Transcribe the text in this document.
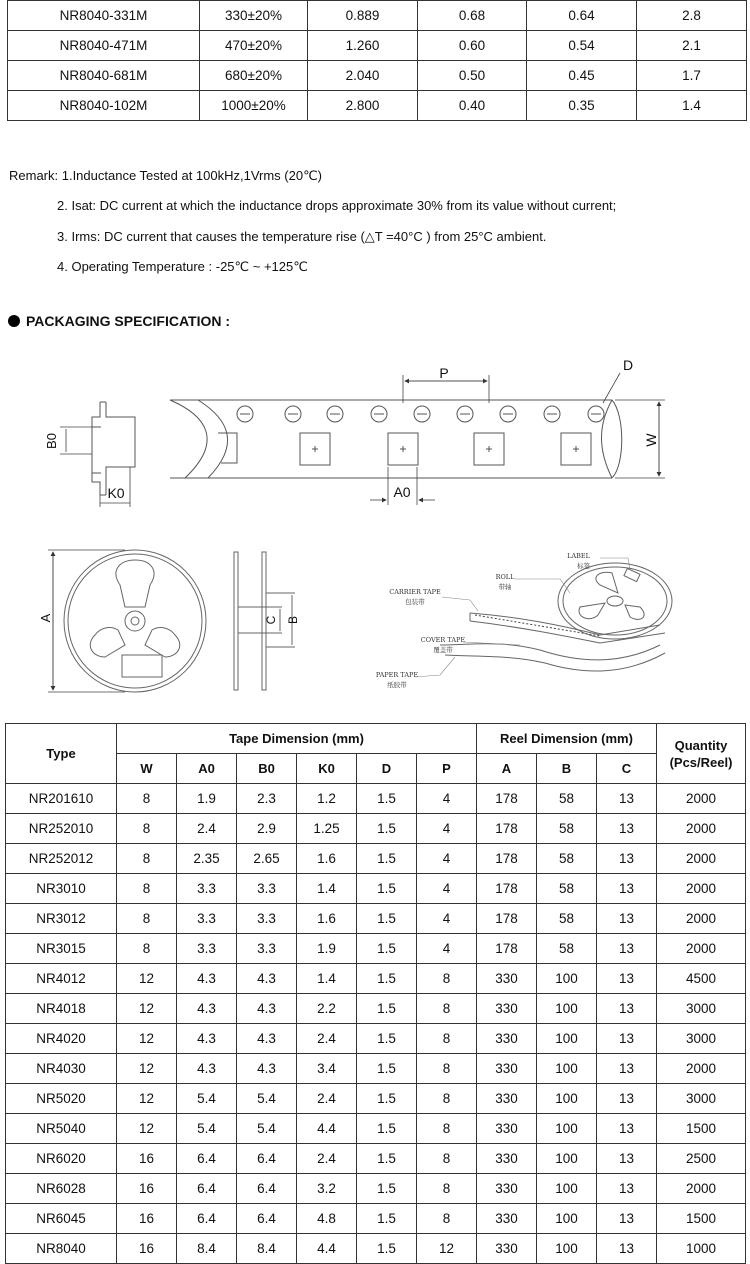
NR8040-331M	330±20%	0.889	0.68	0.64	2.8
NR8040-471M	470±20%	1.260	0.60	0.54	2.1
NR8040-681M	680±20%	2.040	0.50	0.45	1.7
NR8040-102M	1000±20%	2.800	0.40	0.35	1.4
Remark: 1.Inductance Tested at 100kHz,1Vrms (20℃)
2. Isat: DC current at which the inductance drops approximate 30% from its value without current;
3. Irms: DC current that causes the temperature rise (△T =40°C ) from 25°C ambient.
4. Operating Temperature : -25℃ ~ +125℃
PACKAGING SPECIFICATION :
P	D
W
A0
B0
K0
A	C B
LABEL
标签
ROLL
带轴
CARRIER TAPE
包装带
COVER TAPE
覆盖带
PAPER TAPE
纸胶带
Type	Tape Dimension (mm)						Reel Dimension (mm)			Quantity (Pcs/Reel)
	W	A0	B0	K0	D	P	A	B	C	
NR201610	8	1.9	2.3	1.2	1.5	4	178	58	13	2000
NR252010	8	2.4	2.9	1.25	1.5	4	178	58	13	2000
NR252012	8	2.35	2.65	1.6	1.5	4	178	58	13	2000
NR3010	8	3.3	3.3	1.4	1.5	4	178	58	13	2000
NR3012	8	3.3	3.3	1.6	1.5	4	178	58	13	2000
NR3015	8	3.3	3.3	1.9	1.5	4	178	58	13	2000
NR4012	12	4.3	4.3	1.4	1.5	8	330	100	13	4500
NR4018	12	4.3	4.3	2.2	1.5	8	330	100	13	3000
NR4020	12	4.3	4.3	2.4	1.5	8	330	100	13	3000
NR4030	12	4.3	4.3	3.4	1.5	8	330	100	13	2000
NR5020	12	5.4	5.4	2.4	1.5	8	330	100	13	3000
NR5040	12	5.4	5.4	4.4	1.5	8	330	100	13	1500
NR6020	16	6.4	6.4	2.4	1.5	8	330	100	13	2500
NR6028	16	6.4	6.4	3.2	1.5	8	330	100	13	2000
NR6045	16	6.4	6.4	4.8	1.5	8	330	100	13	1500
NR8040	16	8.4	8.4	4.4	1.5	12	330	100	13	1000
